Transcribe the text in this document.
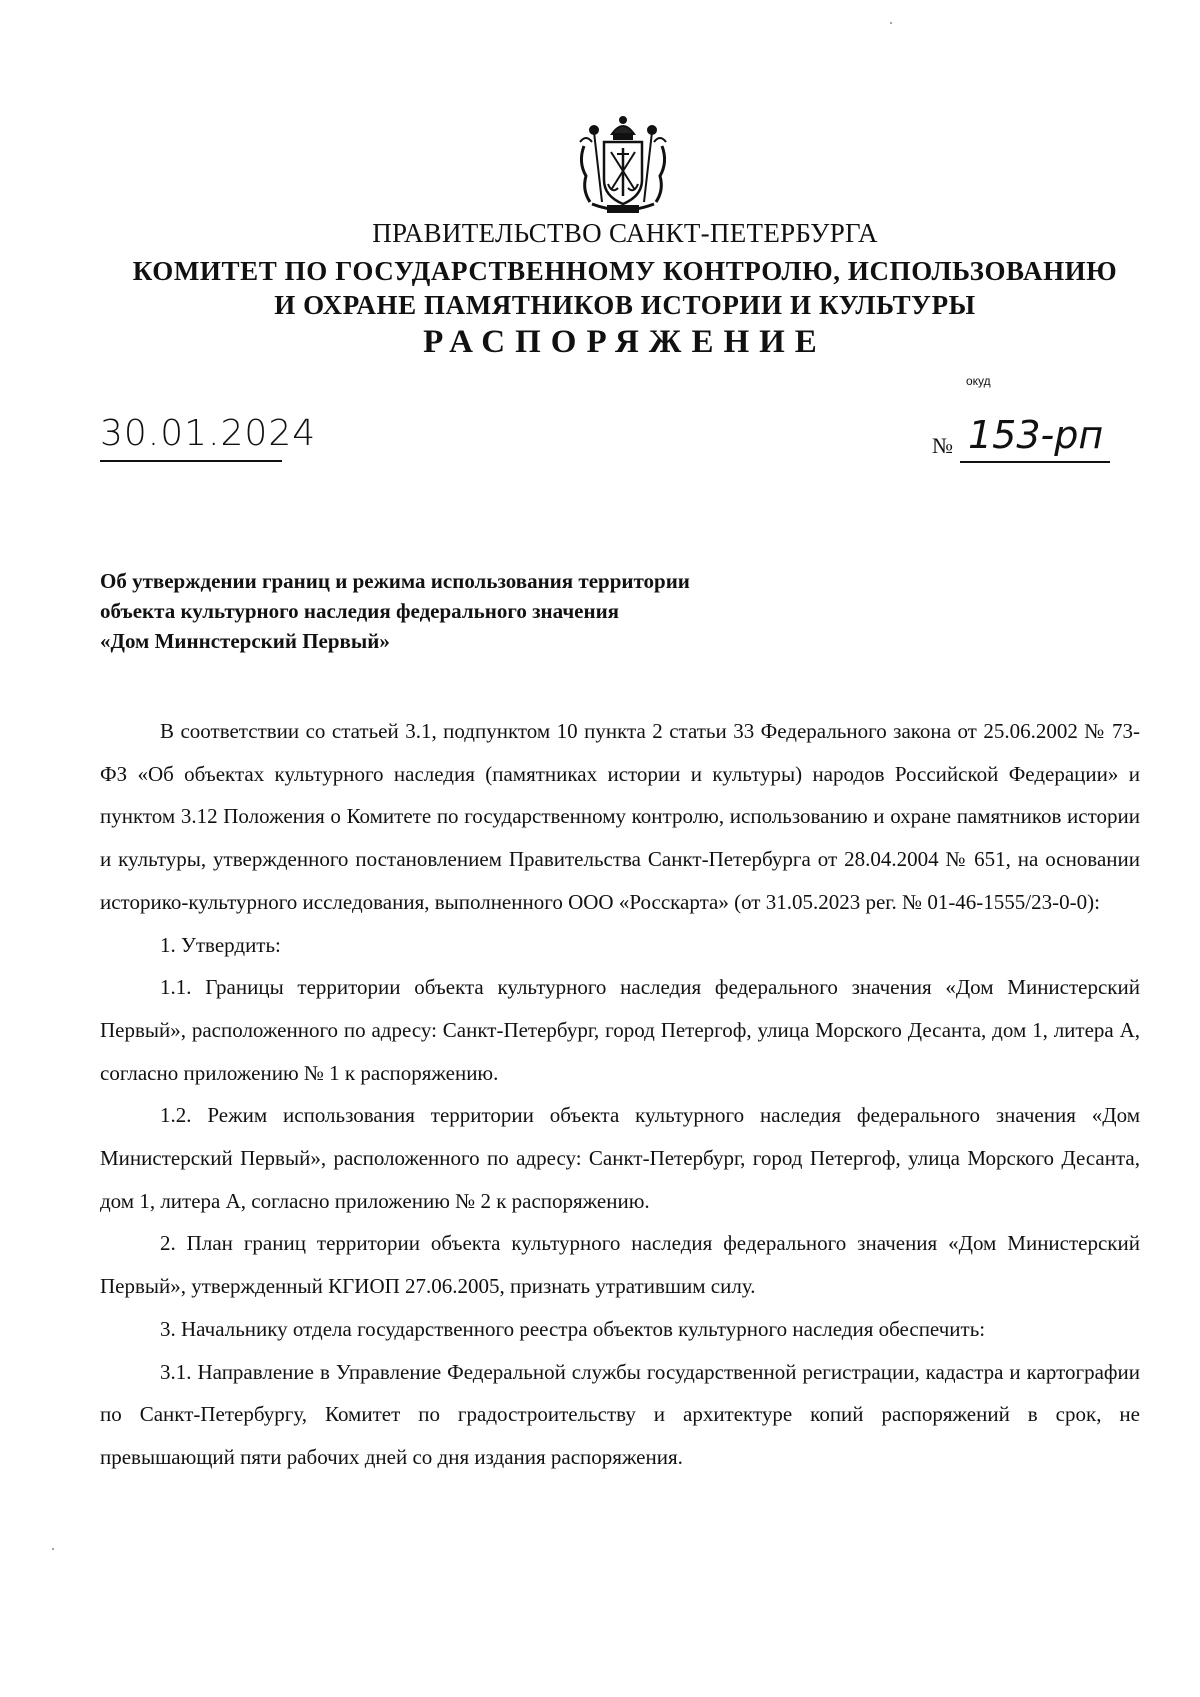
ПРАВИТЕЛЬСТВО САНКТ-ПЕТЕРБУРГА
КОМИТЕТ ПО ГОСУДАРСТВЕННОМУ КОНТРОЛЮ, ИСПОЛЬЗОВАНИЮ
И ОХРАНЕ ПАМЯТНИКОВ ИСТОРИИ И КУЛЬТУРЫ
РАСПОРЯЖЕНИЕ
окуд
30.01.2024	№ 153-рп
Об утверждении границ и режима использования территории
объекта культурного наследия федерального значения
«Дом Миннстерский Первый»

В соответствии со статьей 3.1, подпунктом 10 пункта 2 статьи 33 Федерального закона от 25.06.2002 № 73-ФЗ «Об объектах культурного наследия (памятниках истории и культуры) народов Российской Федерации» и пунктом 3.12 Положения о Комитете по государственному контролю, использованию и охране памятников истории и культуры, утвержденного постановлением Правительства Санкт-Петербурга от 28.04.2004 № 651, на основании историко-культурного исследования, выполненного ООО «Росскарта» (от 31.05.2023 рег. № 01-46-1555/23-0-0):

1. Утвердить:

1.1. Границы территории объекта культурного наследия федерального значения «Дом Министерский Первый», расположенного по адресу: Санкт-Петербург, город Петергоф, улица Морского Десанта, дом 1, литера А, согласно приложению № 1 к распоряжению.

1.2. Режим использования территории объекта культурного наследия федерального значения «Дом Министерский Первый», расположенного по адресу: Санкт-Петербург, город Петергоф, улица Морского Десанта, дом 1, литера А, согласно приложению № 2 к распоряжению.

2. План границ территории объекта культурного наследия федерального значения «Дом Министерский Первый», утвержденный КГИОП 27.06.2005, признать утратившим силу.

3. Начальнику отдела государственного реестра объектов культурного наследия обеспечить:

3.1. Направление в Управление Федеральной службы государственной регистрации, кадастра и картографии по Санкт-Петербургу, Комитет по градостроительству и архитектуре копий распоряжений в срок, не превышающий пяти рабочих дней со дня издания распоряжения.
